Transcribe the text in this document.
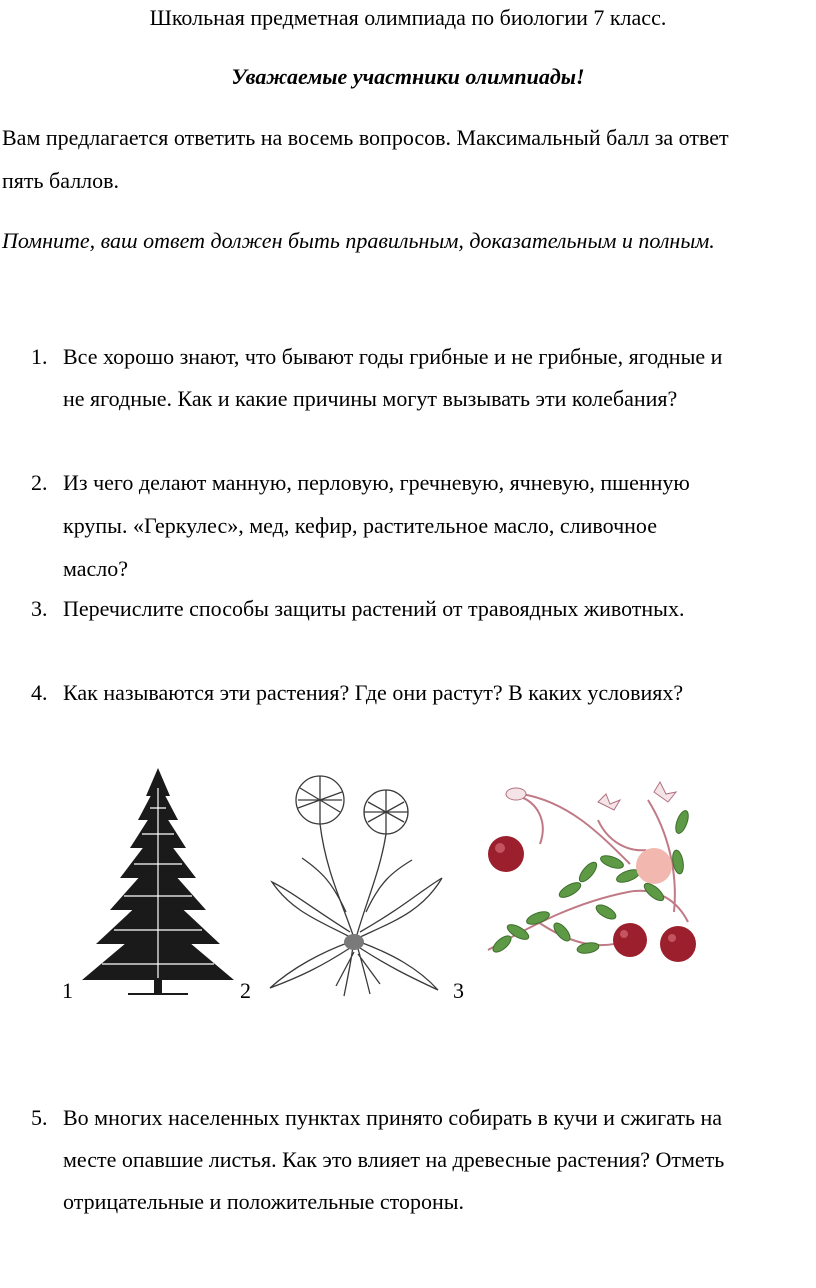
Школьная предметная олимпиада по биологии 7 класс.
Уважаемые участники олимпиады!
Вам предлагается ответить на восемь вопросов. Максимальный балл за ответ
пять баллов.
Помните, ваш ответ должен быть правильным, доказательным и полным.
1. Все хорошо знают, что бывают годы грибные и не грибные, ягодные и
не ягодные. Как и какие причины могут вызывать эти колебания?
2. Из чего делают манную, перловую, гречневую, ячневую, пшенную
крупы. «Геркулес», мед, кефир, растительное масло, сливочное
масло?
3. Перечислите способы защиты растений от травоядных животных.
4. Как называются эти растения? Где они растут? В каких условиях?
1	2	3
5. Во многих населенных пунктах принято собирать в кучи и сжигать на
месте опавшие листья. Как это влияет на древесные растения? Отметь
отрицательные и положительные стороны.
